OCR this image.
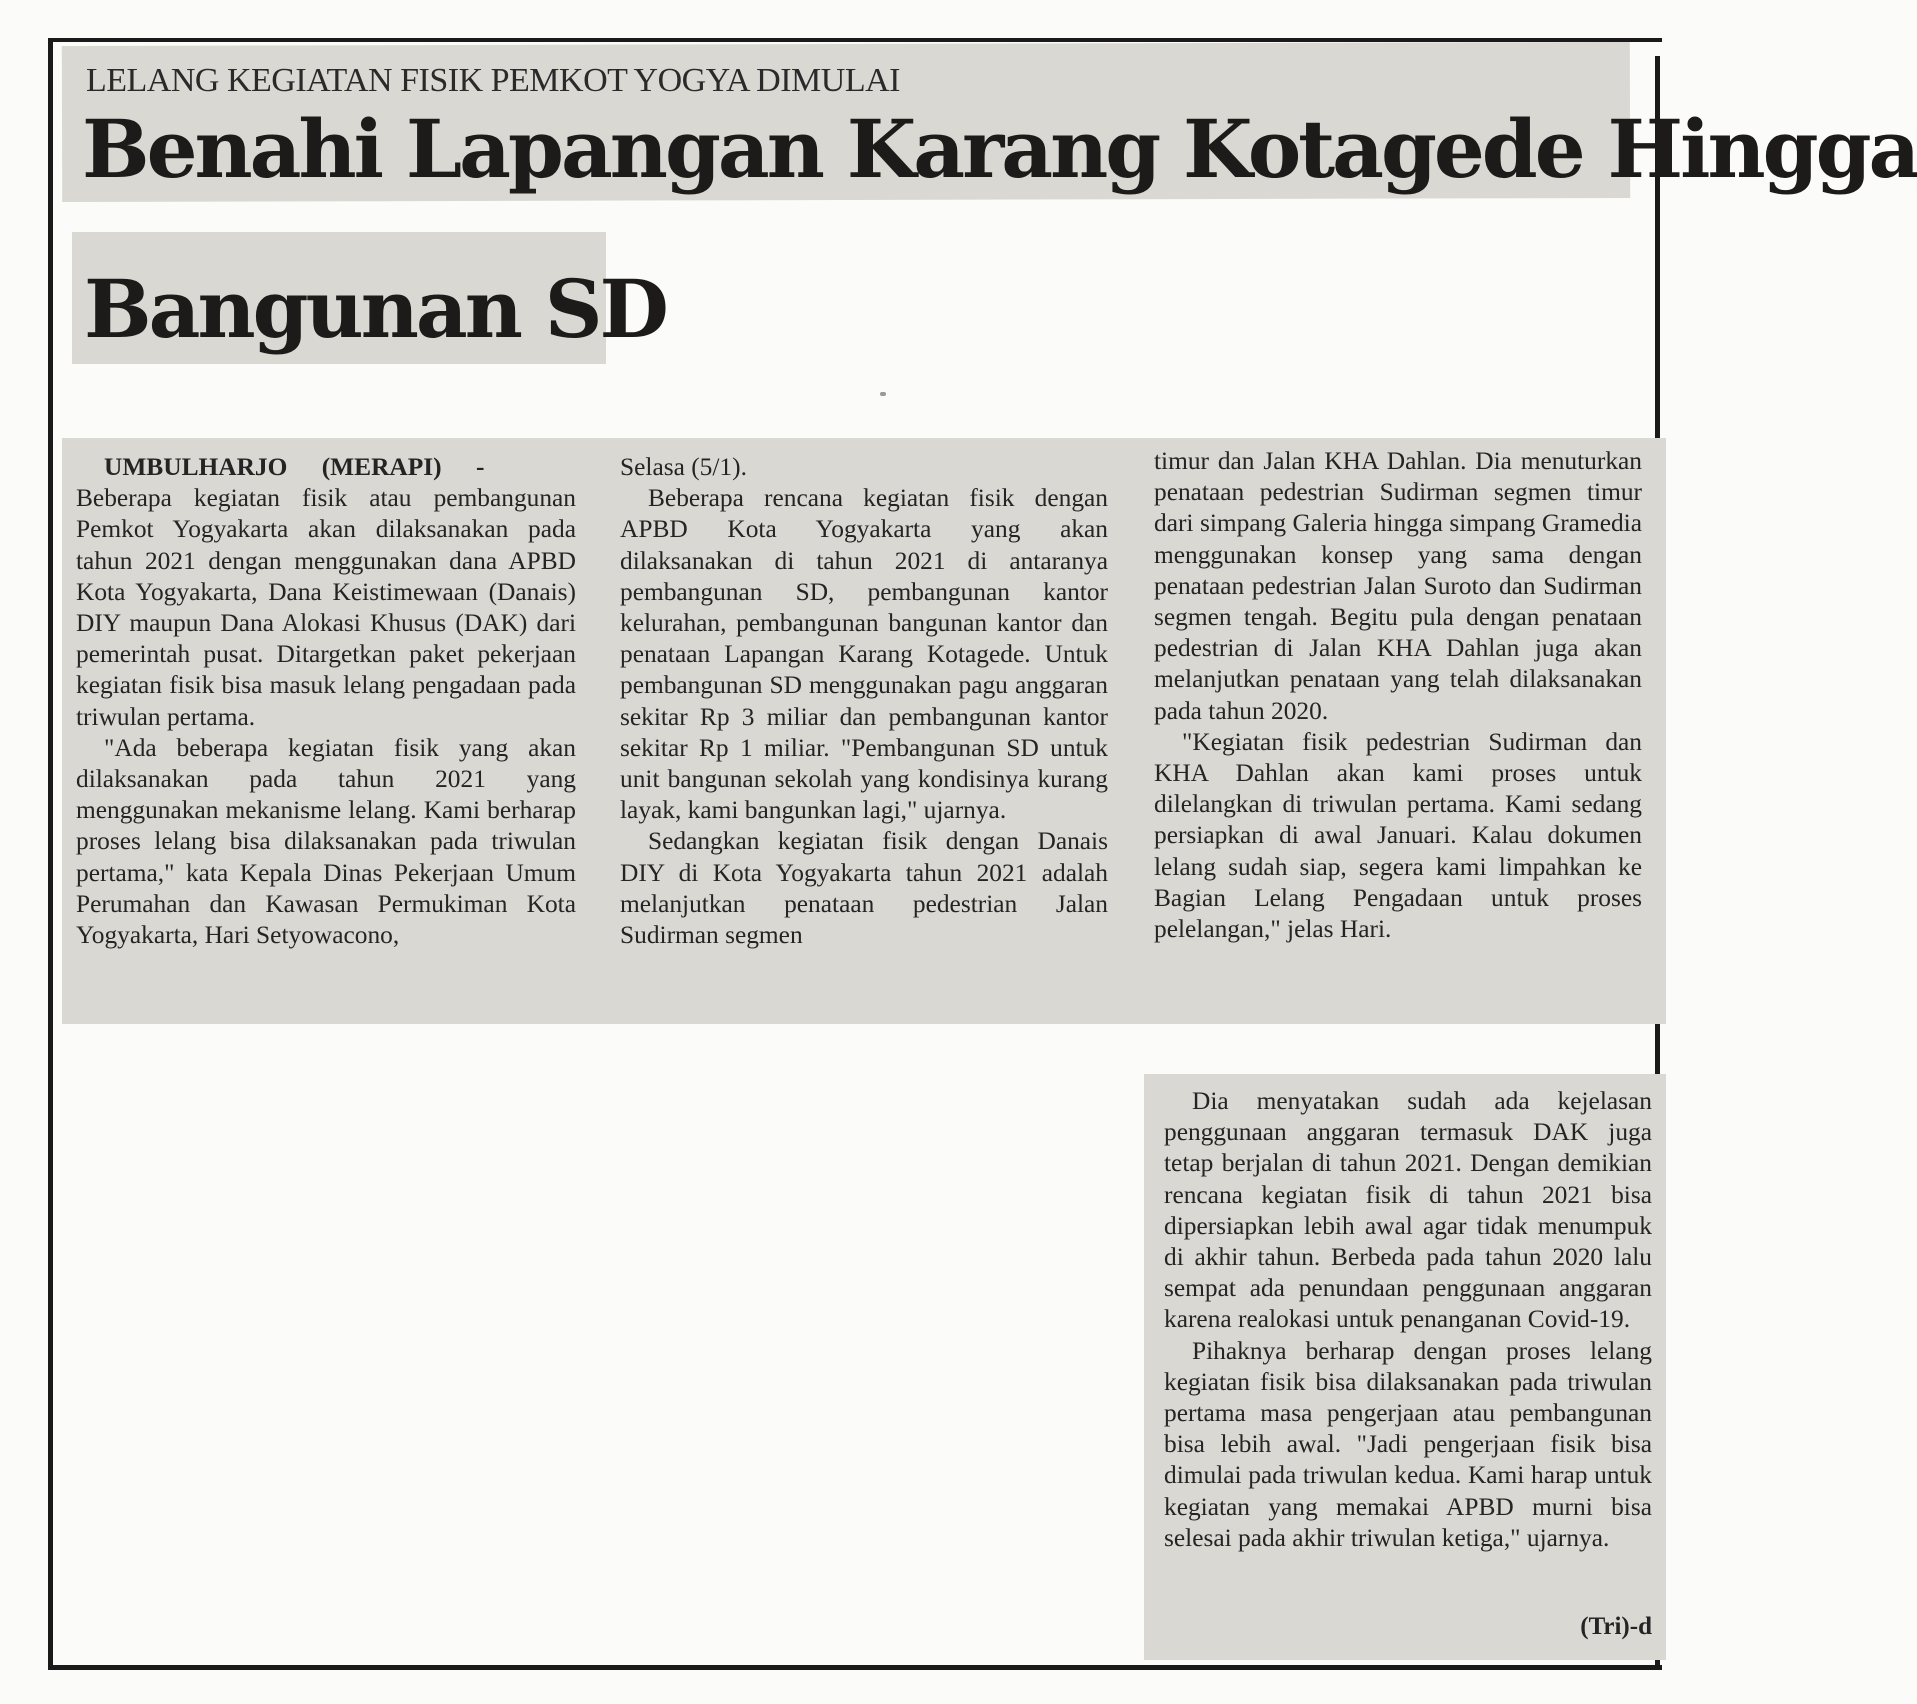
LELANG KEGIATAN FISIK PEMKOT YOGYA DIMULAI
Benahi Lapangan Karang Kotagede Hingga
Bangunan SD

UMBULHARJO (MERAPI) -

Beberapa kegiatan fisik atau pembangunan Pemkot Yogyakarta akan dilaksanakan pada tahun 2021 dengan menggunakan dana APBD Kota Yogyakarta, Dana Keistimewaan (Danais) DIY maupun Dana Alokasi Khusus (DAK) dari pemerintah pusat. Ditargetkan paket pekerjaan kegiatan fisik bisa masuk lelang pengadaan pada triwulan pertama.

"Ada beberapa kegiatan fisik yang akan dilaksanakan pada tahun 2021 yang menggunakan mekanisme lelang. Kami berharap proses lelang bisa dilaksanakan pada triwulan pertama," kata Kepala Dinas Pekerjaan Umum Perumahan dan Kawasan Permukiman Kota Yogyakarta, Hari Setyowacono,

Selasa (5/1).

Beberapa rencana kegiatan fisik dengan APBD Kota Yogyakarta yang akan dilaksanakan di tahun 2021 di antaranya pembangunan SD, pembangunan kantor kelurahan, pembangunan bangunan kantor dan penataan Lapangan Karang Kotagede. Untuk pembangunan SD menggunakan pagu anggaran sekitar Rp 3 miliar dan pembangunan kantor sekitar Rp 1 miliar. "Pembangunan SD untuk unit bangunan sekolah yang kondisinya kurang layak, kami bangunkan lagi," ujarnya.

Sedangkan kegiatan fisik dengan Danais DIY di Kota Yogyakarta tahun 2021 adalah melanjutkan penataan pedestrian Jalan Sudirman segmen

timur dan Jalan KHA Dahlan. Dia menuturkan penataan pedestrian Sudirman segmen timur dari simpang Galeria hingga simpang Gramedia menggunakan konsep yang sama dengan penataan pedestrian Jalan Suroto dan Sudirman segmen tengah. Begitu pula dengan penataan pedestrian di Jalan KHA Dahlan juga akan melanjutkan penataan yang telah dilaksanakan pada tahun 2020.

"Kegiatan fisik pedestrian Sudirman dan KHA Dahlan akan kami proses untuk dilelangkan di triwulan pertama. Kami sedang persiapkan di awal Januari. Kalau dokumen lelang sudah siap, segera kami limpahkan ke Bagian Lelang Pengadaan untuk proses pelelangan," jelas Hari.

Dia menyatakan sudah ada kejelasan penggunaan anggaran termasuk DAK juga tetap berjalan di tahun 2021. Dengan demikian rencana kegiatan fisik di tahun 2021 bisa dipersiapkan lebih awal agar tidak menumpuk di akhir tahun. Berbeda pada tahun 2020 lalu sempat ada penundaan penggunaan anggaran karena realokasi untuk penanganan Covid-19.

Pihaknya berharap dengan proses lelang kegiatan fisik bisa dilaksanakan pada triwulan pertama masa pengerjaan atau pembangunan bisa lebih awal. "Jadi pengerjaan fisik bisa dimulai pada triwulan kedua. Kami harap untuk kegiatan yang memakai APBD murni bisa selesai pada akhir triwulan ketiga," ujarnya.

(Tri)-d
